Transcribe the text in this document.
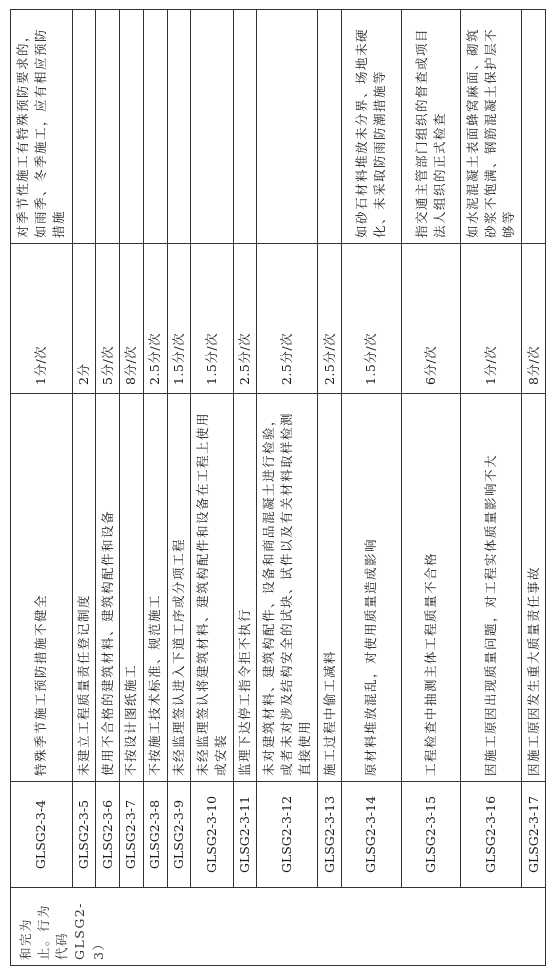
和完为止。行为代码GLSG2-3）	GLSG2-3-4	特殊季节施工预防措施不健全	1分/次	对季节性施工有特殊预防要求的，如雨季、冬季施工，应有相应预防措施
	GLSG2-3-5	未建立工程质量责任登记制度	2分	
	GLSG2-3-6	使用不合格的建筑材料、建筑构配件和设备	5分/次	
	GLSG2-3-7	不按设计图纸施工	8分/次	
	GLSG2-3-8	不按施工技术标准、规范施工	2.5分/次	
	GLSG2-3-9	未经监理签认进入下道工序或分项工程	1.5分/次	
	GLSG2-3-10	未经监理签认将建筑材料、建筑构配件和设备在工程上使用或安装	1.5分/次	
	GLSG2-3-11	监理下达停工指令拒不执行	2.5分/次	
	GLSG2-3-12	未对建筑材料、建筑构配件、设备和商品混凝土进行检验，或者未对涉及结构安全的试块、试件以及有关材料取样检测直接使用	2.5分/次	
	GLSG2-3-13	施工过程中偷工减料	2.5分/次	
	GLSG2-3-14	原材料堆放混乱，对使用质量造成影响	1.5分/次	如砂石材料堆放未分界、场地未硬化、未采取防雨防潮措施等
	GLSG2-3-15	工程检查中抽测主体工程质量不合格	6分/次	指交通主管部门组织的督查或项目法人组织的正式检查
	GLSG2-3-16	因施工原因出现质量问题，对工程实体质量影响不大	1分/次	如水泥混凝土表面蜂窝麻面、砌筑砂浆不饱满、钢筋混凝土保护层不够等
	GLSG2-3-17	因施工原因发生重大质量责任事故	8分/次	
